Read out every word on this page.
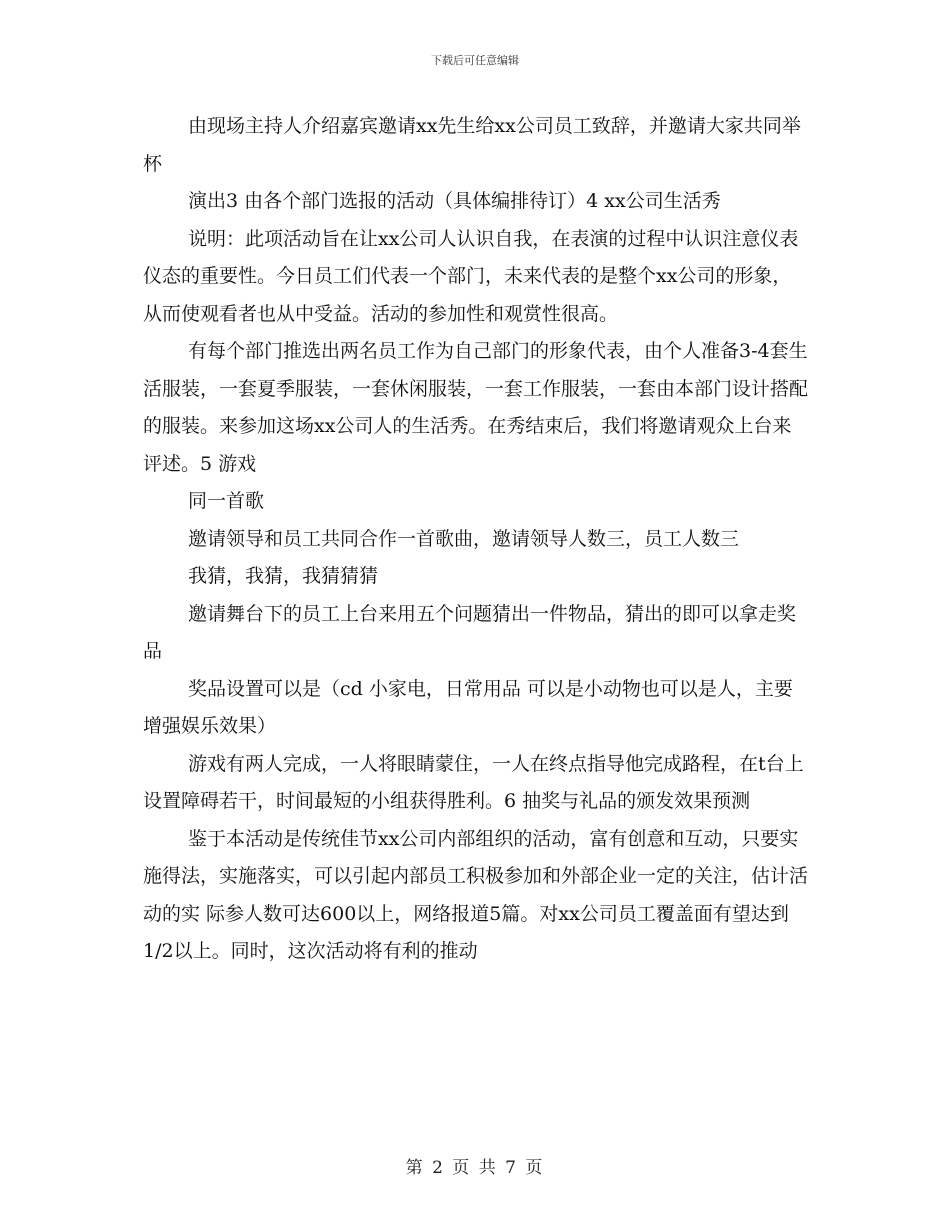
下载后可任意编辑

由现场主持人介绍嘉宾邀请xx先生给xx公司员工致辞，并邀请大家共同举杯

演出3 由各个部门选报的活动（具体编排待订）4 xx公司生活秀

说明：此项活动旨在让xx公司人认识自我，在表演的过程中认识注意仪表仪态的重要性。今日员工们代表一个部门，未来代表的是整个xx公司的形象，从而使观看者也从中受益。活动的参加性和观赏性很高。

有每个部门推选出两名员工作为自己部门的形象代表，由个人准备3-4套生活服装，一套夏季服装，一套休闲服装，一套工作服装，一套由本部门设计搭配的服装。来参加这场xx公司人的生活秀。在秀结束后，我们将邀请观众上台来评述。5 游戏

同一首歌

邀请领导和员工共同合作一首歌曲，邀请领导人数三，员工人数三

我猜，我猜，我猜猜猜

邀请舞台下的员工上台来用五个问题猜出一件物品，猜出的即可以拿走奖品

奖品设置可以是（cd 小家电，日常用品 可以是小动物也可以是人，主要增强娱乐效果）

游戏有两人完成，一人将眼睛蒙住，一人在终点指导他完成路程，在t台上设置障碍若干，时间最短的小组获得胜利。6 抽奖与礼品的颁发效果预测

鉴于本活动是传统佳节xx公司内部组织的活动，富有创意和互动，只要实施得法，实施落实，可以引起内部员工积极参加和外部企业一定的关注，估计活动的实 际参人数可达600以上，网络报道5篇。对xx公司员工覆盖面有望达到1/2以上。同时，这次活动将有利的推动

第 2 页 共 7 页
